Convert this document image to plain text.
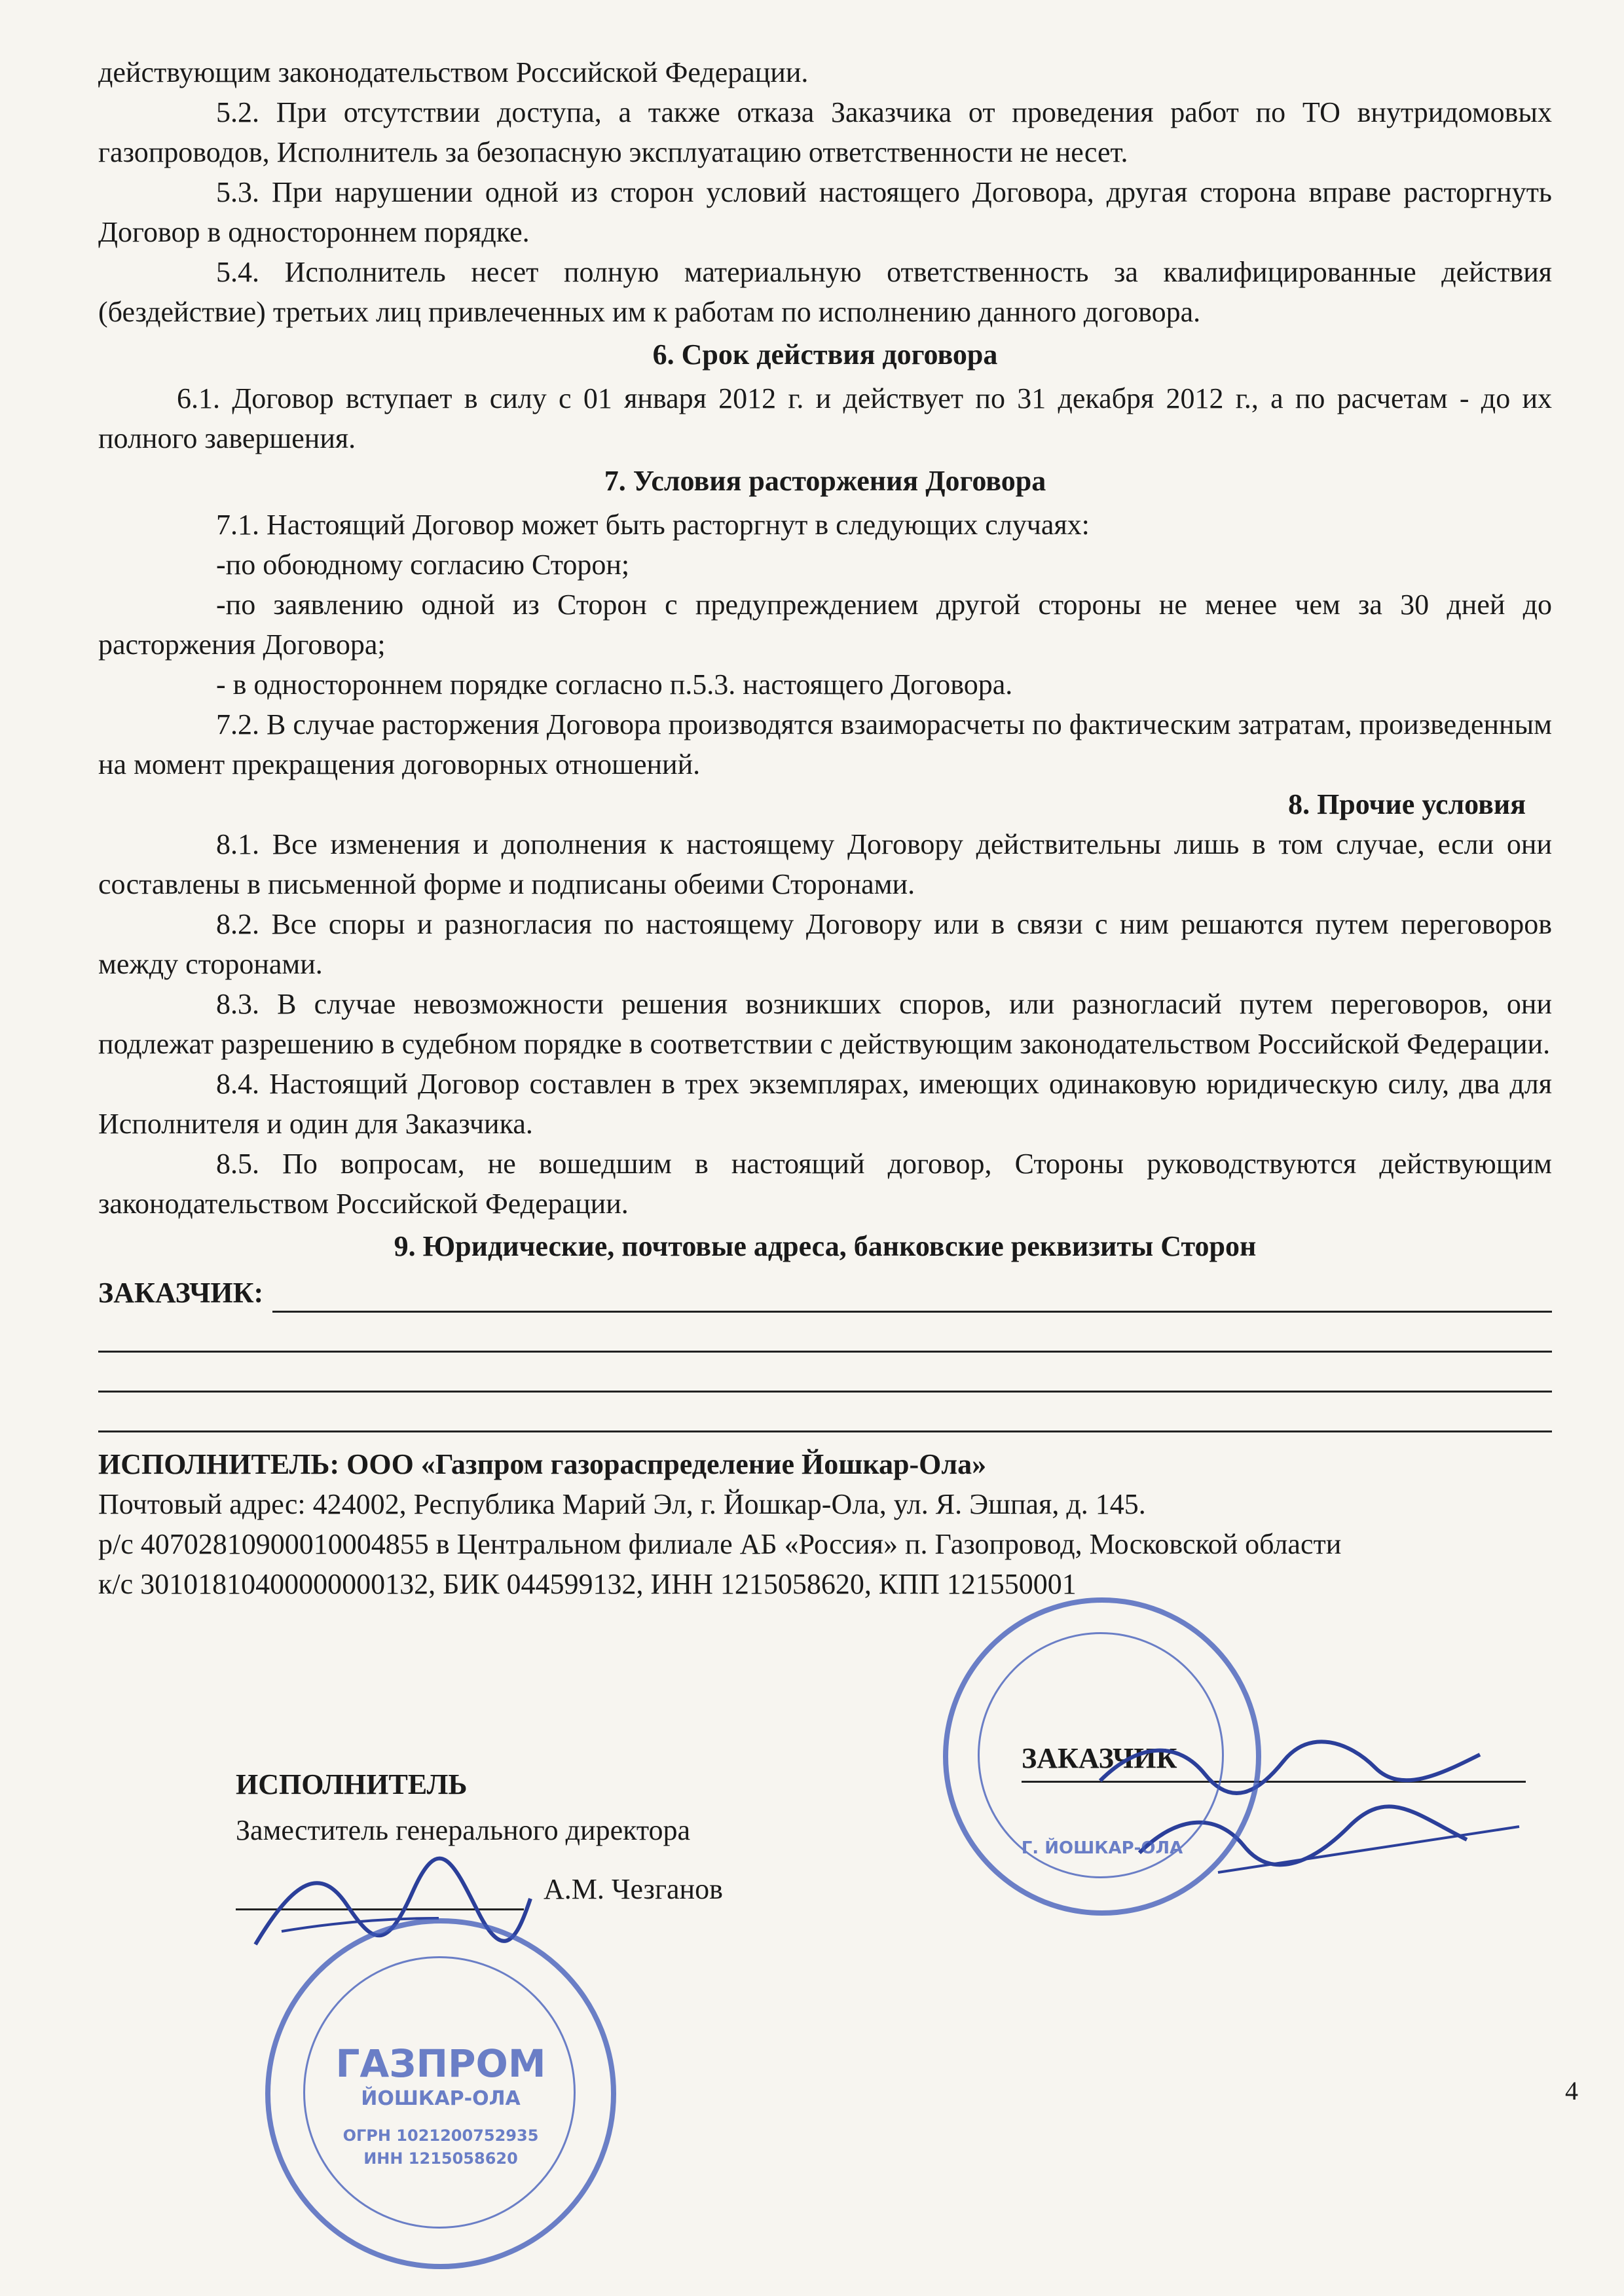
действующим законодательством Российской Федерации.

5.2. При отсутствии доступа, а также отказа Заказчика от проведения работ по ТО внутридомовых газопроводов, Исполнитель за безопасную эксплуатацию ответственности не несет.

5.3. При нарушении одной из сторон условий настоящего Договора, другая сторона вправе расторгнуть Договор в одностороннем порядке.

5.4. Исполнитель несет полную материальную ответственность за квалифицированные действия (бездействие) третьих лиц привлеченных им к работам по исполнению данного договора.

6. Срок действия договора

6.1. Договор вступает в силу с 01 января 2012 г. и действует по 31 декабря 2012 г., а по расчетам - до их полного завершения.

7. Условия расторжения Договора

7.1. Настоящий Договор может быть расторгнут в следующих случаях:

-по обоюдному согласию Сторон;

-по заявлению одной из Сторон с предупреждением другой стороны не менее чем за 30 дней до расторжения Договора;

- в одностороннем порядке согласно п.5.3. настоящего Договора.

7.2. В случае расторжения Договора производятся взаиморасчеты по фактическим затратам, произведенным на момент прекращения договорных отношений.

8. Прочие условия

8.1. Все изменения и дополнения к настоящему Договору действительны лишь в том случае, если они составлены в письменной форме и подписаны обеими Сторонами.

8.2. Все споры и разногласия по настоящему Договору или в связи с ним решаются путем переговоров между сторонами.

8.3. В случае невозможности решения возникших споров, или разногласий путем переговоров, они подлежат разрешению в судебном порядке в соответствии с действующим законодательством Российской Федерации.

8.4. Настоящий Договор составлен в трех экземплярах, имеющих одинаковую юридическую силу, два для Исполнителя и один для Заказчика.

8.5. По вопросам, не вошедшим в настоящий договор, Стороны руководствуются действующим законодательством Российской Федерации.

9. Юридические, почтовые адреса, банковские реквизиты Сторон

ЗАКАЗЧИК:

ИСПОЛНИТЕЛЬ: ООО «Газпром газораспределение Йошкар-Ола»

Почтовый адрес: 424002, Республика Марий Эл, г. Йошкар-Ола, ул. Я. Эшпая, д. 145.

р/с 40702810900010004855 в Центральном филиале АБ «Россия» п. Газопровод, Московской области

к/с 30101810400000000132, БИК 044599132, ИНН 1215058620, КПП 121550001

ИСПОЛНИТЕЛЬ
Заместитель генерального директора
А.М. Чезганов
ЗАКАЗЧИК
ГАЗПРОМ
ЙОШКАР-ОЛА
ОГРН 1021200752935
ИНН 1215058620
Г. ЙОШКАР-ОЛА
4
